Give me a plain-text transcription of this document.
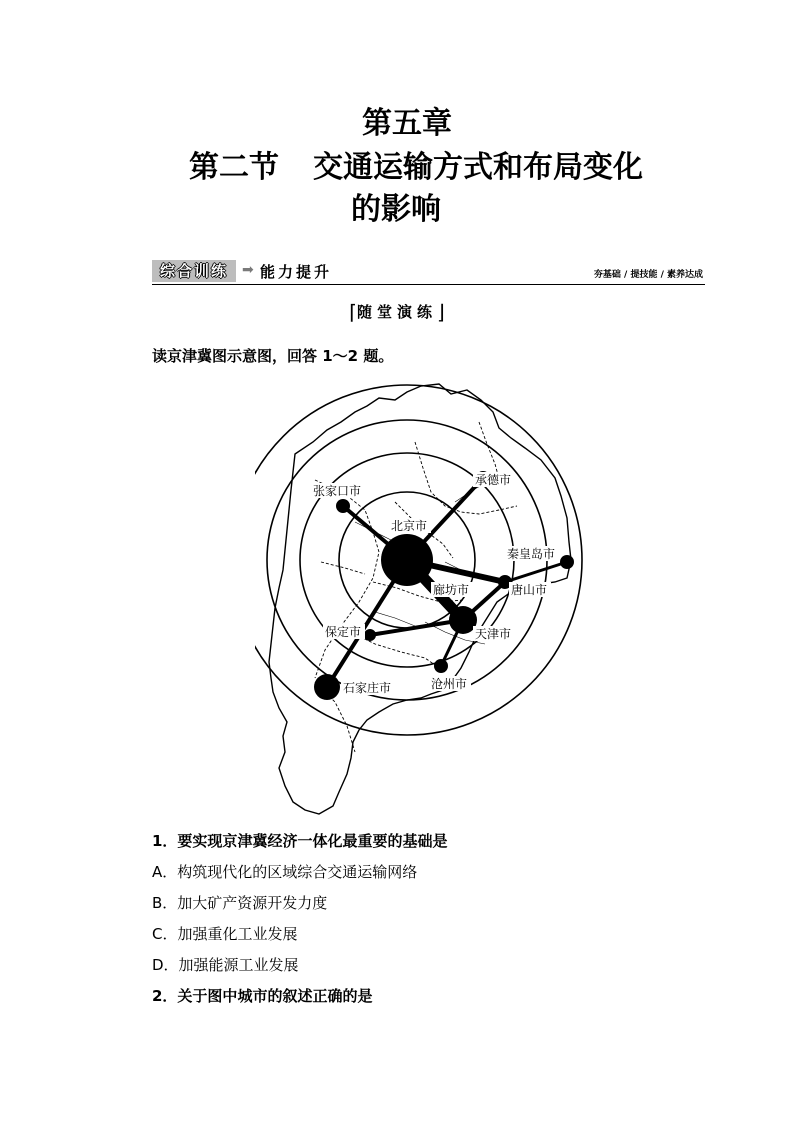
第五章
第二节 交通运输方式和布局变化
的影响
综合训练	➡ 能力提升	夯基础 / 提技能 / 素养达成
⌈随堂演练⌋
读京津冀图示意图，回答 1～2 题。
张家口市
承德市
北京市
秦皇岛市
廊坊市	唐山市
保定市	天津市
石家庄市	沧州市
1．要实现京津冀经济一体化最重要的基础是
A．构筑现代化的区域综合交通运输网络
B．加大矿产资源开发力度
C．加强重化工业发展
D．加强能源工业发展
2．关于图中城市的叙述正确的是
